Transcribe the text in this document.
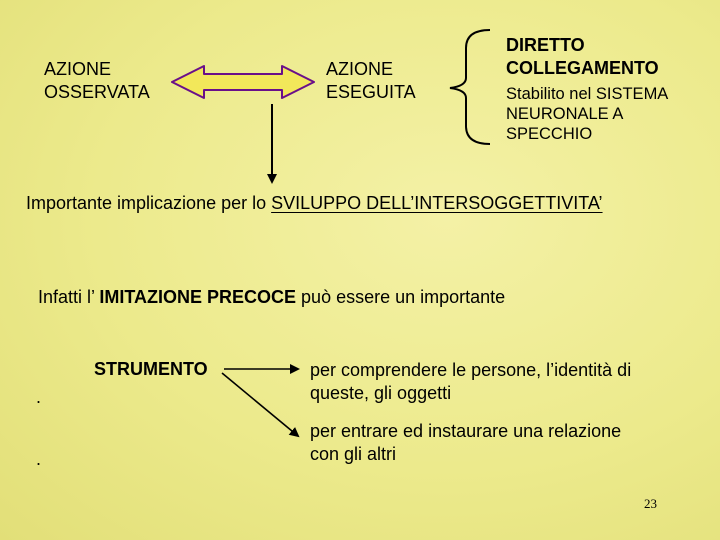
AZIONE
OSSERVATA
AZIONE
ESEGUITA
DIRETTO
COLLEGAMENTO
Stabilito nel SISTEMA
NEURONALE A
SPECCHIO
Importante implicazione per lo SVILUPPO DELL’INTERSOGGETTIVITA’
Infatti l’ IMITAZIONE PRECOCE può essere un importante
STRUMENTO
.
.
per comprendere le persone, l’identità di
queste, gli oggetti
per entrare ed instaurare una relazione
con gli altri
23
